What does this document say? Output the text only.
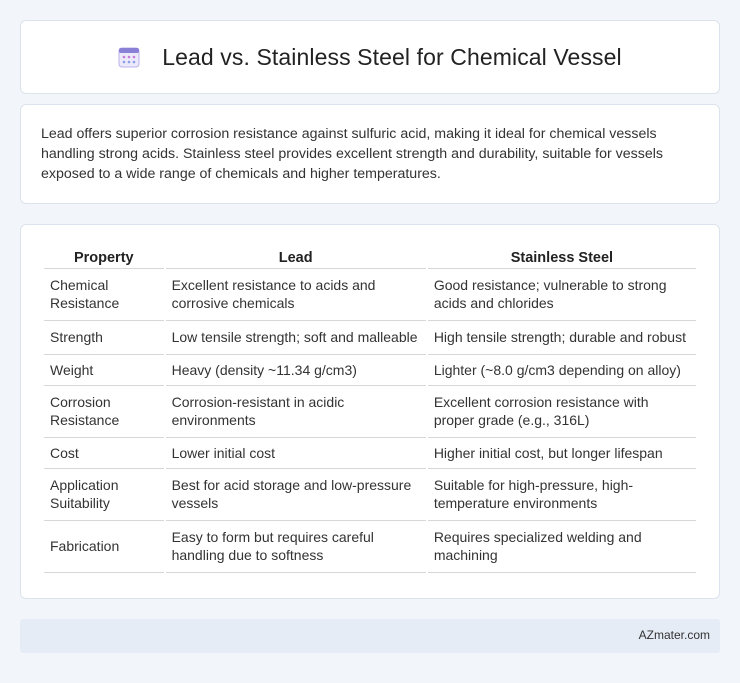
Lead vs. Stainless Steel for Chemical Vessel

Lead offers superior corrosion resistance against sulfuric acid, making it ideal for chemical vessels handling strong acids. Stainless steel provides excellent strength and durability, suitable for vessels exposed to a wide range of chemicals and higher temperatures.

Property	Lead	Stainless Steel
Chemical Resistance	Excellent resistance to acids and corrosive chemicals	Good resistance; vulnerable to strong acids and chlorides
Strength	Low tensile strength; soft and malleable	High tensile strength; durable and robust
Weight	Heavy (density ~11.34 g/cm3)	Lighter (~8.0 g/cm3 depending on alloy)
Corrosion Resistance	Corrosion-resistant in acidic environments	Excellent corrosion resistance with proper grade (e.g., 316L)
Cost	Lower initial cost	Higher initial cost, but longer lifespan
Application Suitability	Best for acid storage and low-pressure vessels	Suitable for high-pressure, high-temperature environments
Fabrication	Easy to form but requires careful handling due to softness	Requires specialized welding and machining
AZmater.com
